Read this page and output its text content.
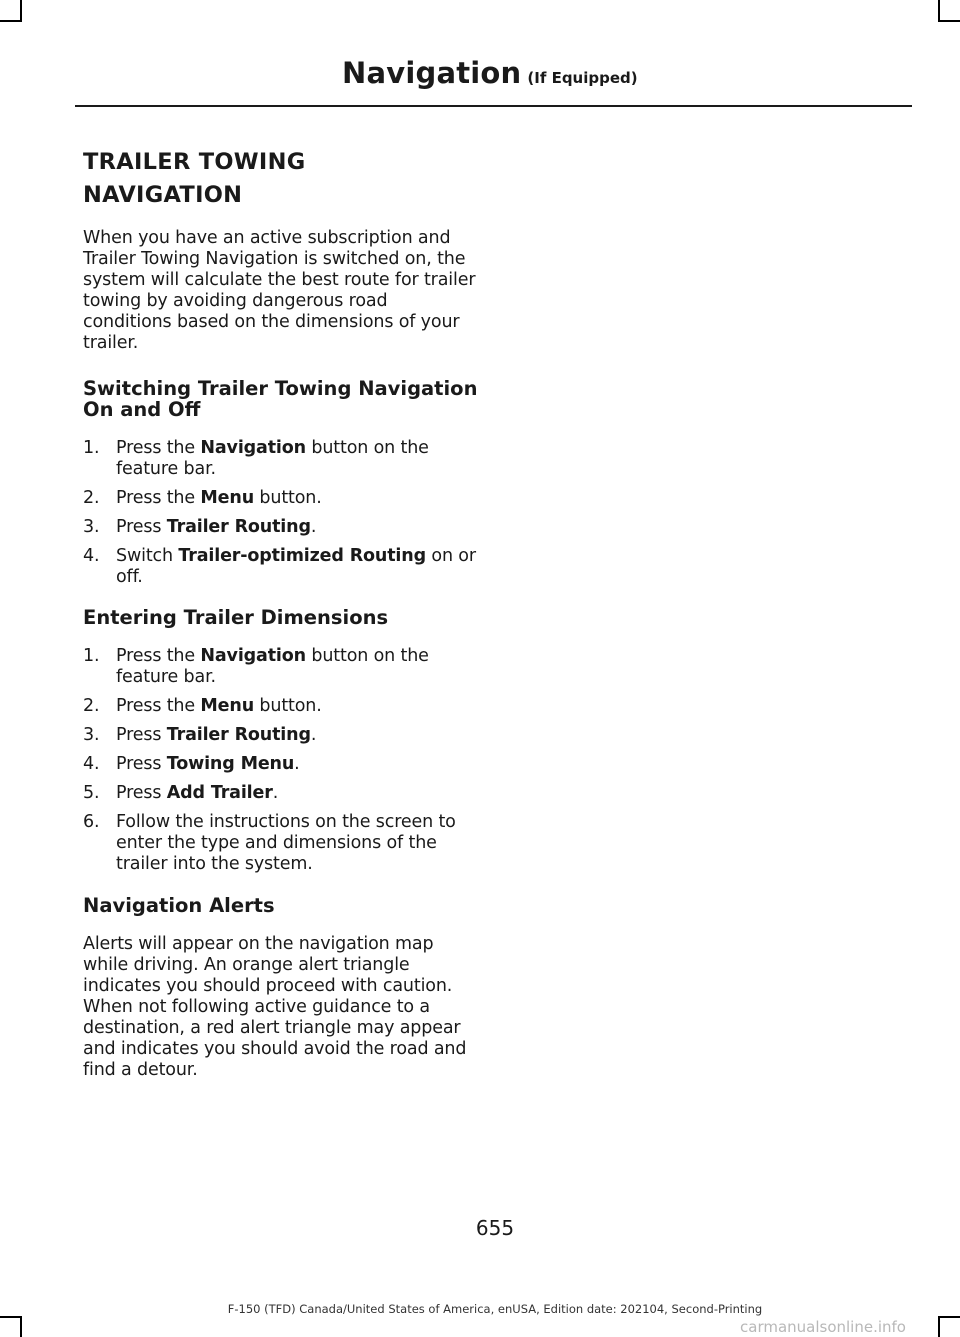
Navigation (If Equipped)
TRAILER TOWING
NAVIGATION

When you have an active subscription and Trailer Towing Navigation is switched on, the system will calculate the best route for trailer towing by avoiding dangerous road conditions based on the dimensions of your trailer.

Switching Trailer Towing Navigation On and Off
1. Press the Navigation button on the feature bar.
2. Press the Menu button.
3. Press Trailer Routing.
4. Switch Trailer-optimized Routing on or off.
Entering Trailer Dimensions
1. Press the Navigation button on the feature bar.
2. Press the Menu button.
3. Press Trailer Routing.
4. Press Towing Menu.
5. Press Add Trailer.
6. Follow the instructions on the screen to enter the type and dimensions of the trailer into the system.
Navigation Alerts

Alerts will appear on the navigation map while driving. An orange alert triangle indicates you should proceed with caution. When not following active guidance to a destination, a red alert triangle may appear and indicates you should avoid the road and find a detour.

655
F-150 (TFD) Canada/United States of America, enUSA, Edition date: 202104, Second-Printing
carmanualsonline.info
